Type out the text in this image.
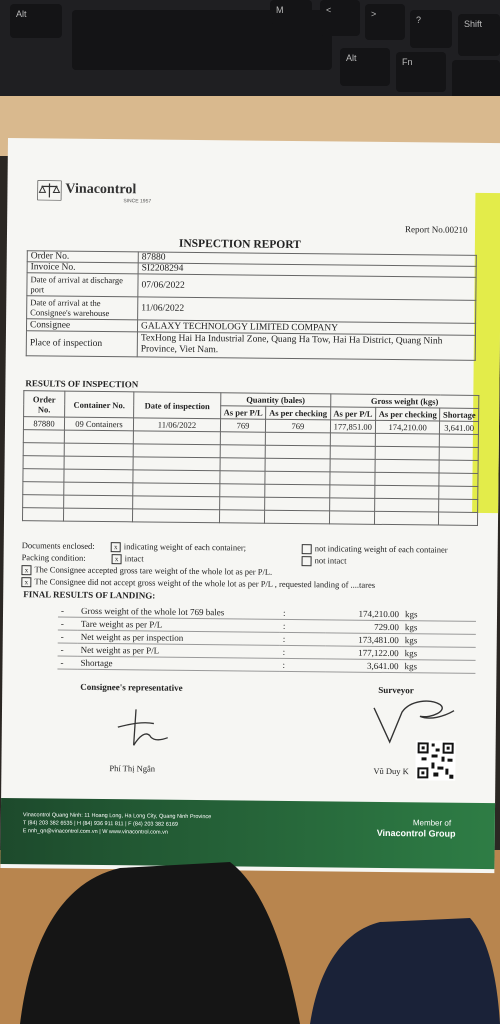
Alt	M	<	>
?	Shift
Alt	Fn
Vinacontrol
SINCE 1957
Report No.00210
INSPECTION REPORT
Order No.	87880
Invoice No.	SI2208294
Date of arrival at discharge port	07/06/2022
Date of arrival at the Consignee's warehouse	11/06/2022
Consignee	GALAXY TECHNOLOGY LIMITED COMPANY
Place of inspection	TexHong Hai Ha Industrial Zone, Quang Ha Tow, Hai Ha District, Quang Ninh Province, Viet Nam.
RESULTS OF INSPECTION
Order No.	Container No.	Date of inspection	Quantity (bales)		Gross weight (kgs)		
			As per P/L	As per checking	As per P/L	As per checking	Shortage
87880	09 Containers	11/06/2022	769	769	177,851.00	174,210.00	3,641.00

Documents enclosed:	x indicating weight of each container;	not indicating weight of each container
Packing condition:	x intact	not intact
x The Consignee accepted gross tare weight of the whole lot as per P/L.
x The Consignee did not accept gross weight of the whole lot as per P/L , requested landing of ....tares
FINAL RESULTS OF LANDING:
-	Gross weight of the whole lot 769 bales	:	174,210.00	kgs
-	Tare weight as per P/L	:	729.00	kgs
-	Net weight as per inspection	:	173,481.00	kgs
-	Net weight as per P/L	:	177,122.00	kgs
-	Shortage	:	3,641.00	kgs
Consignee's representative	Surveyor
Phí Thị Ngân	Vũ Duy K
Vinacontrol Quang Ninh: 11 Hoang Long, Ha Long City, Quang Ninh Province
T (84) 203 382 6535 | H (84) 936 911 811 | F (84) 203 382 6169
E nnh_qn@vinacontrol.com.vn | W www.vinacontrol.com.vn
Member of
Vinacontrol Group
